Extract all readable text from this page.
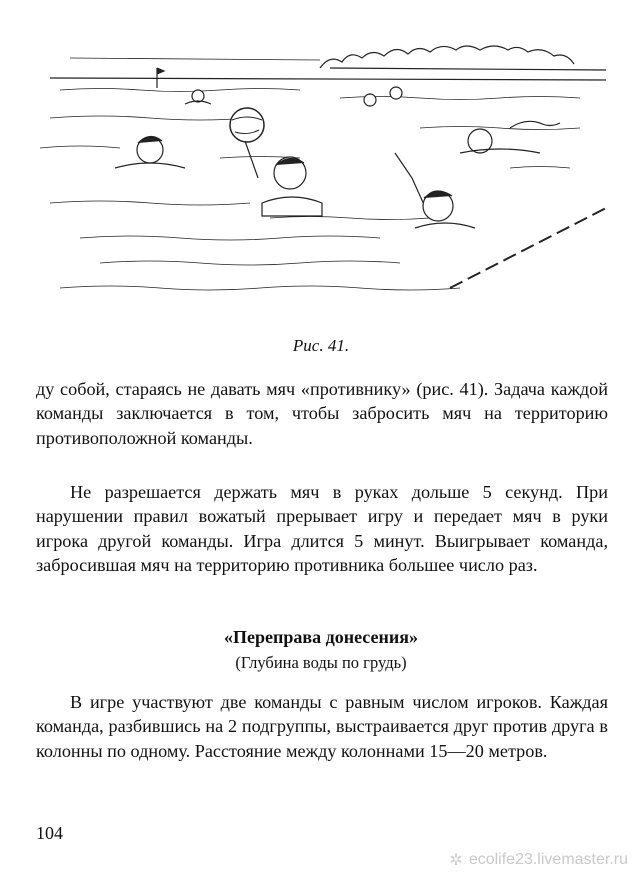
Рис. 41.
ду собой, стараясь не давать мяч «противнику» (рис. 41). Задача каждой команды заключается в том, чтобы забросить мяч на территорию противоположной команды.
Не разрешается держать мяч в руках дольше 5 секунд. При нарушении правил вожатый прерывает игру и передает мяч в руки игрока другой команды. Игра длится 5 минут. Выигрывает команда, забросившая мяч на территорию противника большее число раз.
«Переправа донесения»
(Глубина воды по грудь)
В игре участвуют две команды с равным числом игроков. Каждая команда, разбившись на 2 подгруппы, выстраивается друг против друга в колонны по одному. Расстояние между колоннами 15—20 метров.
104
✲ ecolife23.livemaster.ru
